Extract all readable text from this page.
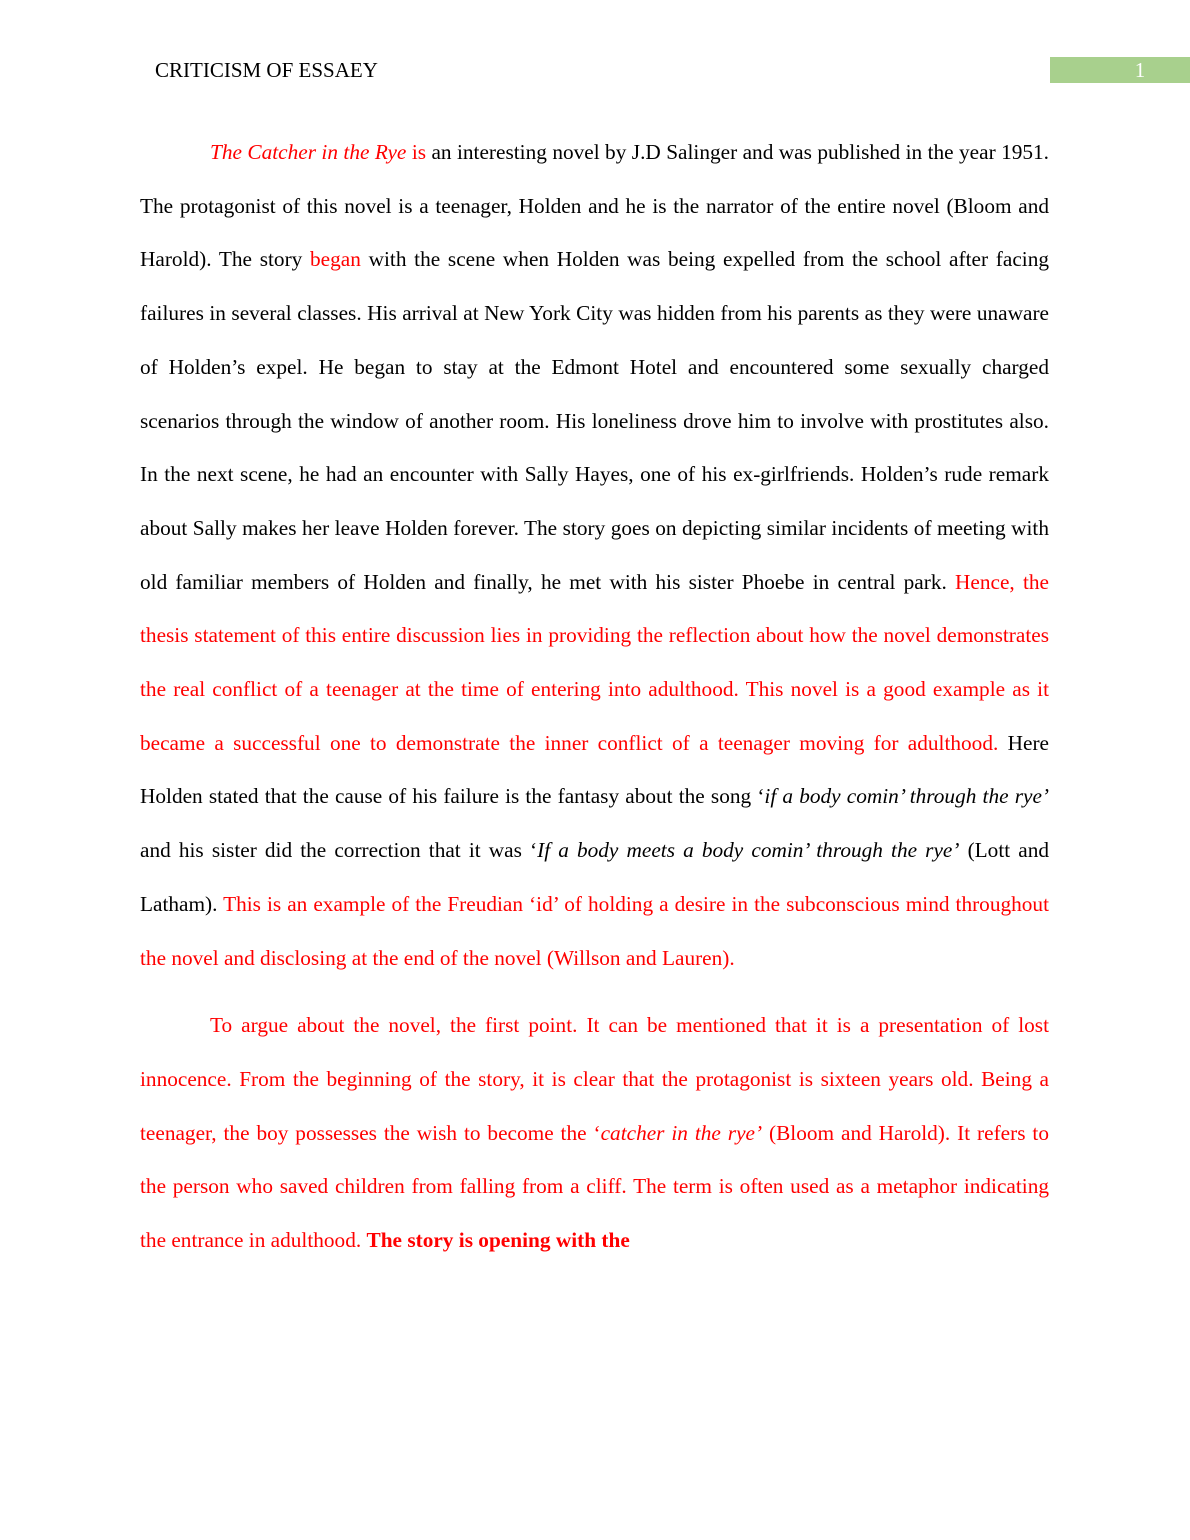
CRITICISM OF ESSAEY	1

The Catcher in the Rye is an interesting novel by J.D Salinger and was published in the year 1951. The protagonist of this novel is a teenager, Holden and he is the narrator of the entire novel (Bloom and Harold). The story began with the scene when Holden was being expelled from the school after facing failures in several classes. His arrival at New York City was hidden from his parents as they were unaware of Holden’s expel. He began to stay at the Edmont Hotel and encountered some sexually charged scenarios through the window of another room. His loneliness drove him to involve with prostitutes also. In the next scene, he had an encounter with Sally Hayes, one of his ex-girlfriends. Holden’s rude remark about Sally makes her leave Holden forever. The story goes on depicting similar incidents of meeting with old familiar members of Holden and finally, he met with his sister Phoebe in central park. Hence, the thesis statement of this entire discussion lies in providing the reflection about how the novel demonstrates the real conflict of a teenager at the time of entering into adulthood. This novel is a good example as it became a successful one to demonstrate the inner conflict of a teenager moving for adulthood. Here Holden stated that the cause of his failure is the fantasy about the song ‘if a body comin’ through the rye’ and his sister did the correction that it was ‘If a body meets a body comin’ through the rye’ (Lott and Latham). This is an example of the Freudian ‘id’ of holding a desire in the subconscious mind throughout the novel and disclosing at the end of the novel (Willson and Lauren).

To argue about the novel, the first point. It can be mentioned that it is a presentation of lost innocence. From the beginning of the story, it is clear that the protagonist is sixteen years old. Being a teenager, the boy possesses the wish to become the ‘catcher in the rye’ (Bloom and Harold). It refers to the person who saved children from falling from a cliff. The term is often used as a metaphor indicating the entrance in adulthood. The story is opening with the
